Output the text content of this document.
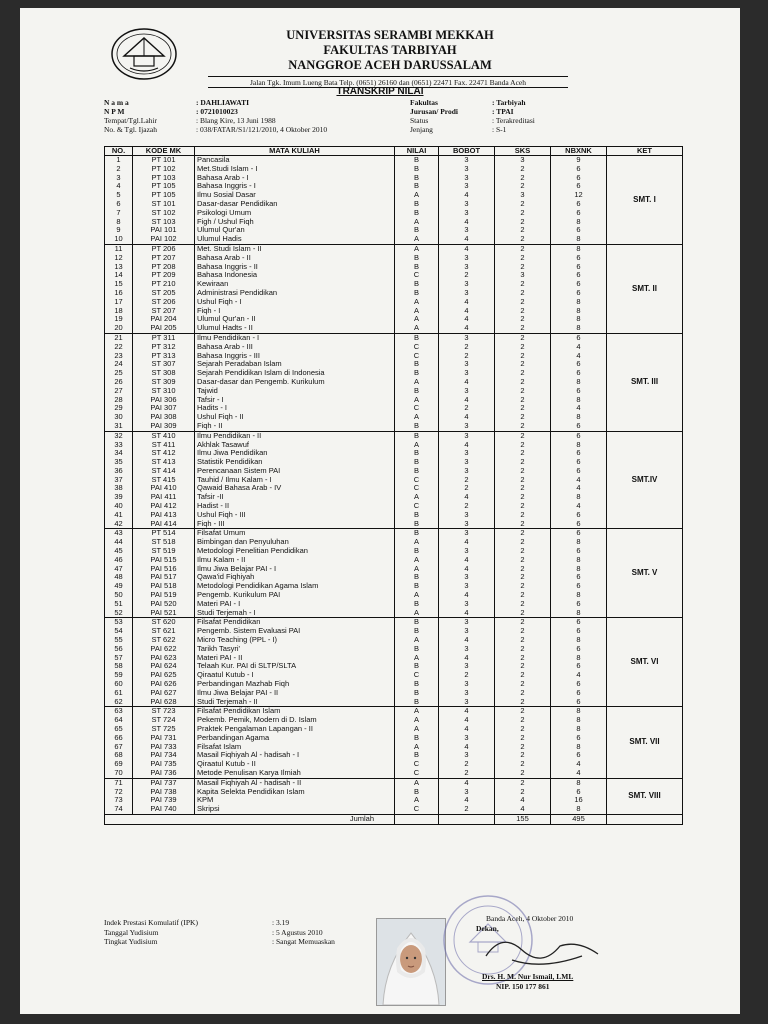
UNIVERSITAS SERAMBI MEKKAH
FAKULTAS TARBIYAH
NANGGROE ACEH DARUSSALAM
Jalan Tgk. Imum Lueng Bata Telp. (0651) 26160 dan (0651) 22471 Fax. 22471 Banda Aceh
TRANSKRIP NILAI
N a m a	: DAHLIAWATI
N P M	: 0721010023
Tempat/Tgl.Lahir	: Blang Kire, 13 Juni 1988
No. & Tgl. Ijazah	: 038/FATAR/S1/121/2010, 4 Oktober 2010
Fakultas	: Tarbiyah
Jurusan/ Prodi	: TPAI
Status	: Terakreditasi
Jenjang	: S-1
NO.	KODE MK	MATA KULIAH	NILAI	BOBOT	SKS	NBXNK	KET
1	PT 101	Pancasila	B	3	3	9	SMT. I
2	PT 102	Met.Studi Islam - I	B	3	2	6	
3	PT 103	Bahasa Arab - I	B	3	2	6	
4	PT 105	Bahasa Inggris - I	B	3	2	6	
5	PT 105	Ilmu Sosial Dasar	A	4	3	12	
6	ST 101	Dasar-dasar Pendidikan	B	3	2	6	
7	ST 102	Psikologi Umum	B	3	2	6	
8	ST 103	Figh / Ushul Fiqh	A	4	2	8	
9	PAI 101	Ulumul Qur'an	B	3	2	6	
10	PAI 102	Ulumul Hadis	A	4	2	8	
11	PT 206	Met. Studi Islam - II	A	4	2	8	SMT. II
12	PT 207	Bahasa Arab - II	B	3	2	6	
13	PT 208	Bahasa Inggris - II	B	3	2	6	
14	PT 209	Bahasa Indonesia	C	2	3	6	
15	PT 210	Kewiraan	B	3	2	6	
16	ST 205	Administrasi Pendidikan	B	3	2	6	
17	ST 206	Ushul Fiqh - I	A	4	2	8	
18	ST 207	Fiqh - I	A	4	2	8	
19	PAI 204	Ulumul Qur'an - II	A	4	2	8	
20	PAI 205	Ulumul Hadts - II	A	4	2	8	
21	PT 311	Ilmu Pendidikan - I	B	3	2	6	SMT. III
22	PT 312	Bahasa Arab - III	C	2	2	4	
23	PT 313	Bahasa Inggris - III	C	2	2	4	
24	ST 307	Sejarah Peradaban Islam	B	3	2	6	
25	ST 308	Sejarah Pendidikan Islam di Indonesia	B	3	2	6	
26	ST 309	Dasar-dasar dan Pengemb. Kurikulum	A	4	2	8	
27	ST 310	Tajwid	B	3	2	6	
28	PAI 306	Tafsir - I	A	4	2	8	
29	PAI 307	Hadits - I	C	2	2	4	
30	PAI 308	Ushul Fiqh - II	A	4	2	8	
31	PAI 309	Fiqh - II	B	3	2	6	
32	ST 410	Ilmu Pendidikan - II	B	3	2	6	SMT.IV
33	ST 411	Akhlak Tasawuf	A	4	2	8	
34	ST 412	Ilmu Jiwa Pendidikan	B	3	2	6	
35	ST 413	Statistik Pendidikan	B	3	2	6	
36	ST 414	Perencanaan Sistem PAI	B	3	2	6	
37	ST 415	Tauhid / Ilmu Kalam - I	C	2	2	4	
38	PAI 410	Qawaid Bahasa Arab - IV	C	2	2	4	
39	PAI 411	Tafsir -II	A	4	2	8	
40	PAI 412	Hadist - II	C	2	2	4	
41	PAI 413	Ushul Fiqh - III	B	3	2	6	
42	PAI 414	Fiqh - III	B	3	2	6	
43	PT 514	Filsafat Umum	B	3	2	6	SMT. V
44	ST 518	Bimbingan dan Penyuluhan	A	4	2	8	
45	ST 519	Metodologi Penelitian Pendidikan	B	3	2	6	
46	PAI 515	Ilmu Kalam - II	A	4	2	8	
47	PAI 516	Ilmu Jiwa Belajar PAI - I	A	4	2	8	
48	PAI 517	Qawa'id Fiqhiyah	B	3	2	6	
49	PAI 518	Metodologi Pendidikan Agama Islam	B	3	2	6	
50	PAI 519	Pengemb. Kurikulum PAI	A	4	2	8	
51	PAI 520	Materi PAI - I	B	3	2	6	
52	PAI 521	Studi Terjemah - I	A	4	2	8	
53	ST 620	Filsafat Pendidikan	B	3	2	6	SMT. VI
54	ST 621	Pengemb. Sistem Evaluasi PAI	B	3	2	6	
55	ST 622	Micro Teaching (PPL - I)	A	4	2	8	
56	PAI 622	Tarikh Tasyri'	B	3	2	6	
57	PAI 623	Materi PAI - II	A	4	2	8	
58	PAI 624	Telaah Kur. PAI di SLTP/SLTA	B	3	2	6	
59	PAI 625	Qiraatul Kutub - I	C	2	2	4	
60	PAI 626	Perbandingan Mazhab Fiqh	B	3	2	6	
61	PAI 627	Ilmu Jiwa Belajar PAI - II	B	3	2	6	
62	PAI 628	Studi Terjemah - II	B	3	2	6	
63	ST 723	Filsafat Pendidikan Islam	A	4	2	8	SMT. VII
64	ST 724	Pekemb. Pemik, Modern di D. Islam	A	4	2	8	
65	ST 725	Praktek Pengalaman Lapangan - II	A	4	2	8	
66	PAI 731	Perbandingan Agama	B	3	2	6	
67	PAI 733	Filsafat Islam	A	4	2	8	
68	PAI 734	Masail Fiqhiyah Al - hadisah - I	B	3	2	6	
69	PAI 735	Qiraatul Kutub - II	C	2	2	4	
70	PAI 736	Metode Penulisan Karya Ilmiah	C	2	2	4	
71	PAI 737	Masail Fiqhiyah Al - hadisah - II	A	4	2	8	SMT. VIII
72	PAI 738	Kapita Selekta Pendidikan Islam	B	3	2	6	
73	PAI 739	KPM	A	4	4	16	
74	PAI 740	Skripsi	C	2	4	8	
Jumlah					155	495	
Indek Prestasi Komulatif (IPK)	: 3.19
Tanggal Yudisium	: 5 Agustus 2010
Tingkat Yudisium	: Sangat Memuaskan
Banda Aceh, 4 Oktober 2010
Dekan,
Drs. H. M. Nur Ismail, LML
NIP. 150 177 861
